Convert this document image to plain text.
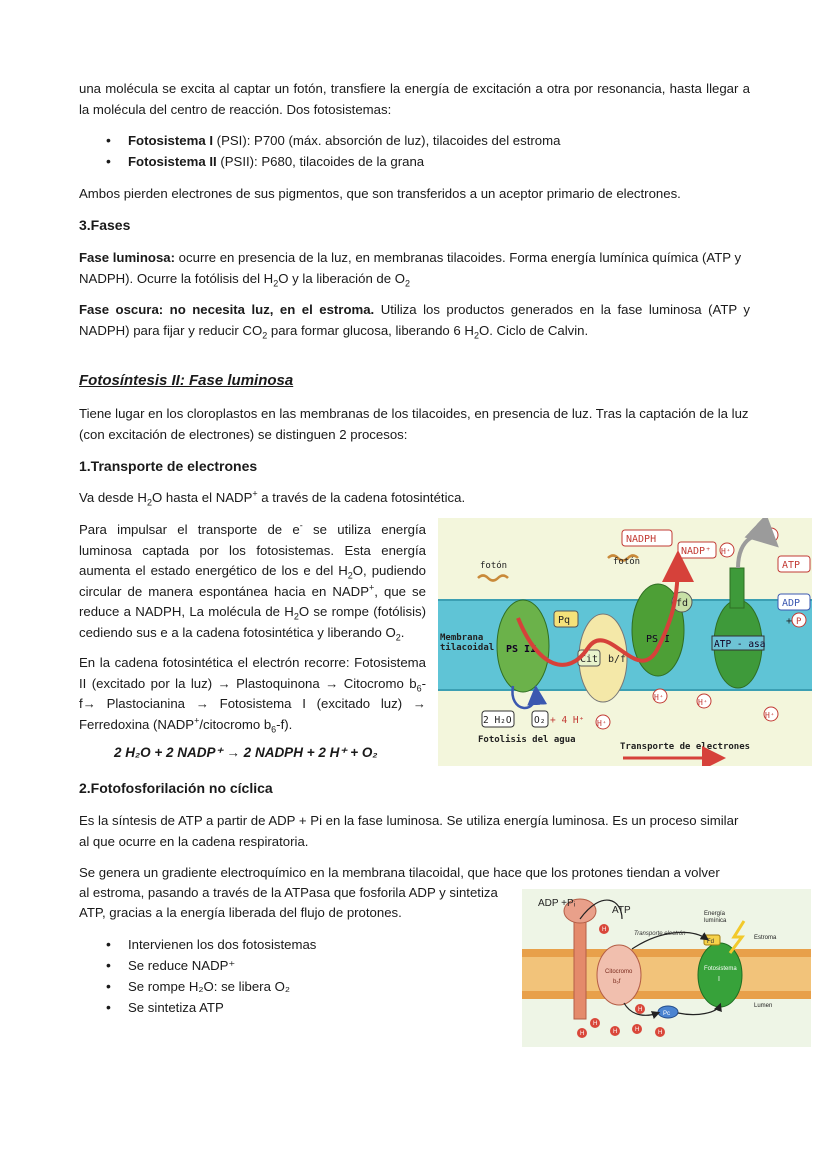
una molécula se excita al captar un fotón, transfiere la energía de excitación a otra por resonancia, hasta llegar a la molécula del centro de reacción. Dos fotosistemas:

• Fotosistema I (PSI): P700 (máx. absorción de luz), tilacoides del estroma
• Fotosistema II (PSII): P680, tilacoides de la grana

Ambos pierden electrones de sus pigmentos, que son transferidos a un aceptor primario de electrones.

3.Fases

Fase luminosa: ocurre en presencia de la luz, en membranas tilacoides. Forma energía lumínica química (ATP y NADPH). Ocurre la fotólisis del $H_2O$ y la liberación de $O_2$

Fase oscura: no necesita luz, en el estroma. Utiliza los productos generados en la fase luminosa (ATP y NADPH) para fijar y reducir $CO_2$ para formar glucosa, liberando 6 $H_2O$. Ciclo de Calvin.

Fotosíntesis II: Fase luminosa

Tiene lugar en los cloroplastos en las membranas de los tilacoides, en presencia de luz. Tras la captación de la luz (con excitación de electrones) se distinguen 2 procesos:

1.Transporte de electrones

Va desde $H_2O$ hasta el NADP+ a través de la cadena fotosintética.

Para impulsar el transporte de e- se utiliza energía luminosa captada por los fotosistemas. Esta energía aumenta el estado energético de los e del $H_2O$, pudiendo circular de manera espontánea hacia en NADP+, que se reduce a NADPH, La molécula de $H_2O$ se rompe (fotólisis) cediendo sus e a la cadena fotosintética y liberando $O_2$.

En la cadena fotosintética el electrón recorre: Fotosistema II (excitado por la luz) → Plastoquinona → Citocromo $b_6-f\to$ Plastocianina → Fotosistema I (excitado luz) → Ferredoxina (NADP+/citocromo $b_6-f$).

2 H₂O + 2 NADP⁺ → 2 NADPH + 2 H⁺ + O₂
fotón	fotón
PS II
Pq
Cit b/f
fd
PS I	ATP - asa
NADPH
NADP⁺ H⁺
H⁺
ATP
ADP
+ P
2 H₂O O₂ + 4 H⁺
Fotolisis del agua
Transporte de electrones
Membrana
tilacoidal
H⁺
H⁺
H⁺
H⁺

2.Fotofosforilación no cíclica

Es la síntesis de ATP a partir de ADP + Pi en la fase luminosa. Se utiliza energía luminosa. Es un proceso similar al que ocurre en la cadena respiratoria.

Se genera un gradiente electroquímico en la membrana tilacoidal, que hace que los protones tiendan a volver

al estroma, pasando a través de la ATPasa que fosforila ADP y sintetiza

ATP, gracias a la energía liberada del flujo de protones.

• Intervienen los dos fotosistemas
• Se reduce NADP⁺
• Se rompe H₂O: se libera O₂
• Se sintetiza ATP
Citocromo
b₆f
Fotosistema
I
Fd
Pc
Transporte electrón
ADP +Pᵢ
ATP	Energía
lumínica
Estroma
Lumen
H
H
H	H	H	H
H
